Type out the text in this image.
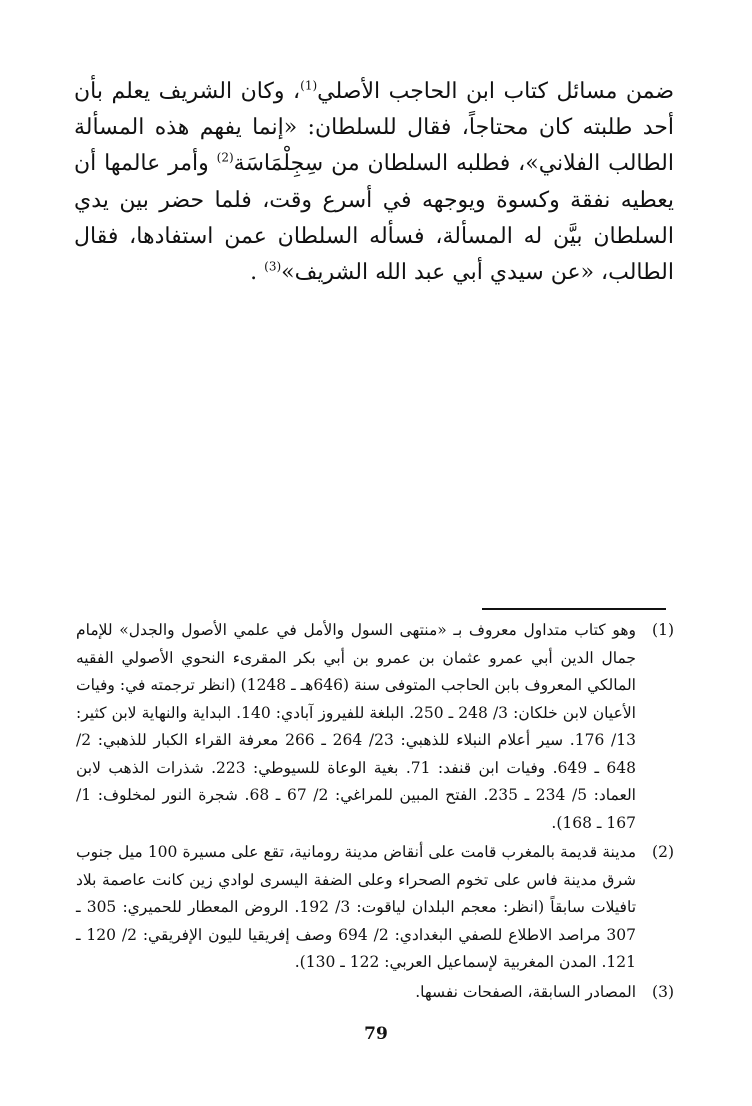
ضمن مسائل كتاب ابن الحاجب الأصلي$^{(1)}$، وكان الشريف يعلم بأن أحد طلبته كان محتاجاً، فقال للسلطان: «إنما يفهم هذه المسألة الطالب الفلاني»، فطلبه السلطان من سِجِلْمَاسَة$^{(2)}$ وأمر عالمها أن يعطيه نفقة وكسوة ويوجهه في أسرع وقت، فلما حضر بين يدي السلطان بيَّن له المسألة، فسأله السلطان عمن استفادها، فقال الطالب، «عن سيدي أبي عبد الله الشريف»$^{(3)}$ .
(1)
وهو كتاب متداول معروف بـ «منتهى السول والأمل في علمي الأصول والجدل» للإمام جمال الدين أبي عمرو عثمان بن عمرو بن أبي بكر المقرىء النحوي الأصولي الفقيه المالكي المعروف بابن الحاجب المتوفى سنة (646هـ ـ 1248) (انظر ترجمته في: وفيات الأعيان لابن خلكان: 3/ 248 ـ 250. البلغة للفيروز آبادي: 140. البداية والنهاية لابن كثير: 13/ 176. سير أعلام النبلاء للذهبي: 23/ 264 ـ 266 معرفة القراء الكبار للذهبي: 2/ 648 ـ 649. وفيات ابن قنفد: 71. بغية الوعاة للسيوطي: 223. شذرات الذهب لابن العماد: 5/ 234 ـ 235. الفتح المبين للمراغي: 2/ 67 ـ 68. شجرة النور لمخلوف: 1/ 167 ـ 168).
(2)
مدينة قديمة بالمغرب قامت على أنقاض مدينة رومانية، تقع على مسيرة 100 ميل جنوب شرق مدينة فاس على تخوم الصحراء وعلى الضفة اليسرى لوادي زين كانت عاصمة بلاد تافيلات سابقاً (انظر: معجم البلدان لياقوت: 3/ 192. الروض المعطار للحميري: 305 ـ 307 مراصد الاطلاع للصفي البغدادي: 2/ 694 وصف إفريقيا لليون الإفريقي: 2/ 120 ـ 121. المدن المغربية لإسماعيل العربي: 122 ـ 130).
(3)
المصادر السابقة، الصفحات نفسها.
79
